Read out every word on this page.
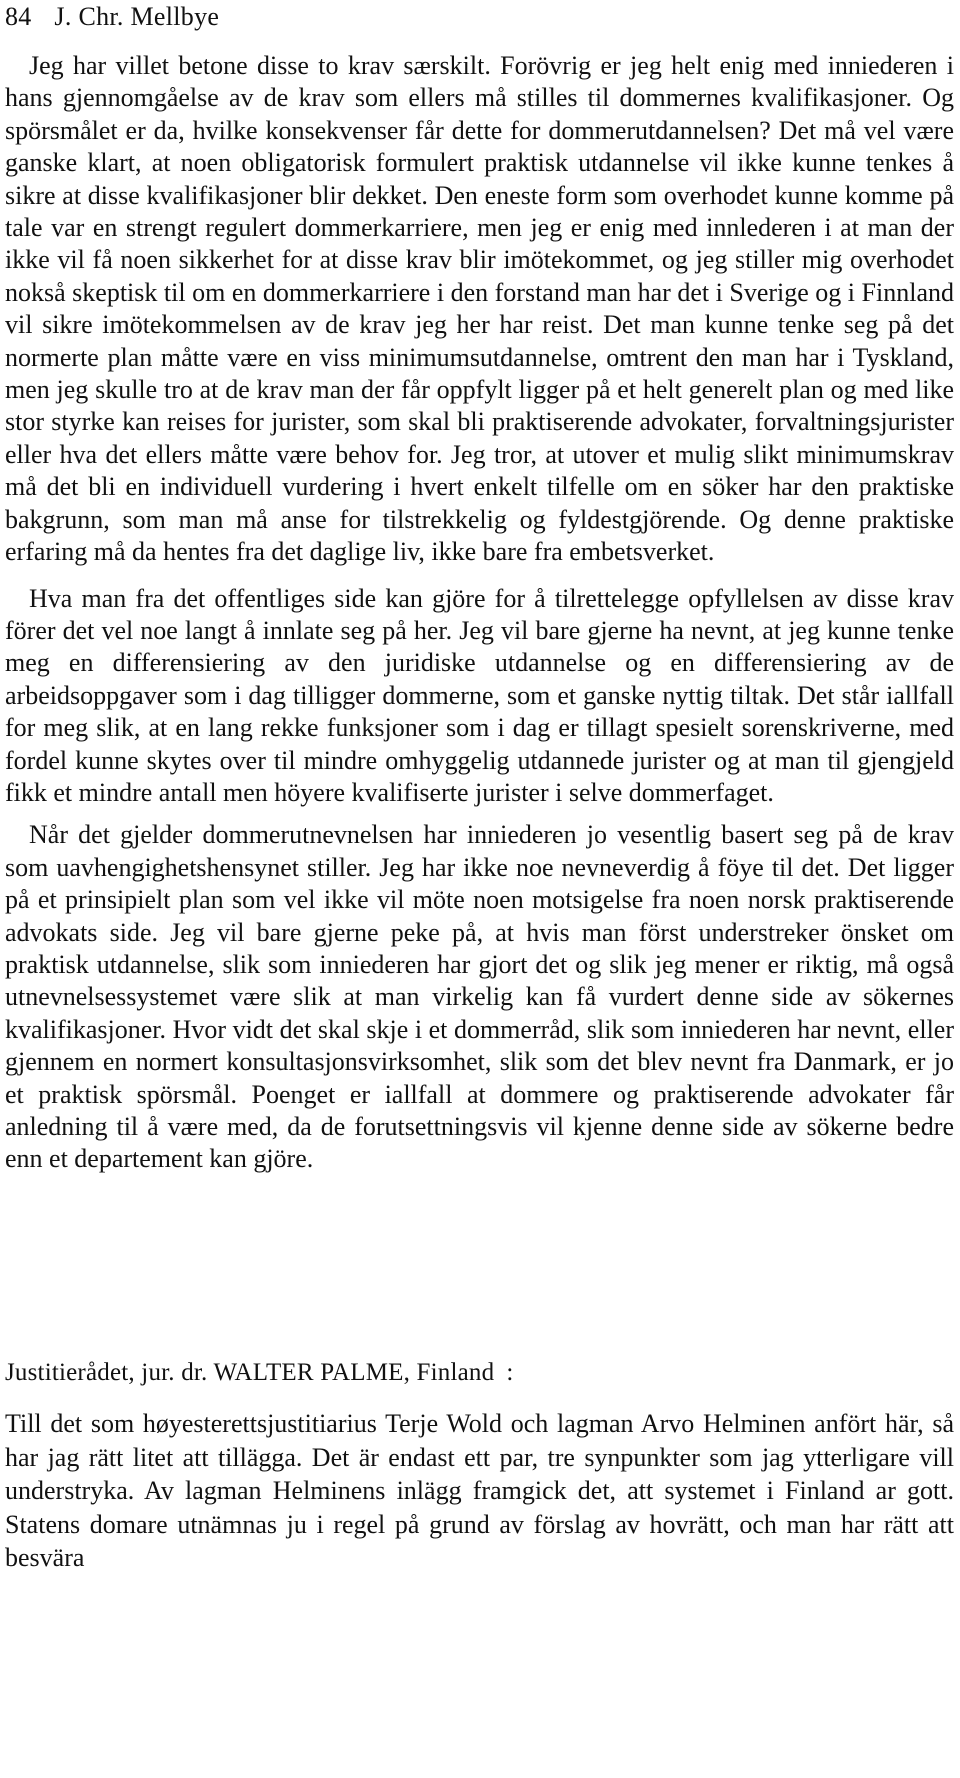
84 J. Chr. Mellbye

Jeg har villet betone disse to krav særskilt. Forövrig er jeg helt enig med inniederen i hans gjennomgåelse av de krav som ellers må stilles til dommernes kvalifikasjoner. Og spörsmålet er da, hvilke konsekvenser får dette for dommerutdannelsen? Det må vel være ganske klart, at noen obligatorisk formulert praktisk utdannelse vil ikke kunne tenkes å sikre at disse kvalifikasjoner blir dekket. Den eneste form som overhodet kunne komme på tale var en strengt regulert dommerkarriere, men jeg er enig med innlederen i at man der ikke vil få noen sikkerhet for at disse krav blir imötekommet, og jeg stiller mig overhodet nokså skeptisk til om en dommerkarriere i den forstand man har det i Sverige og i Finnland vil sikre imötekommelsen av de krav jeg her har reist. Det man kunne tenke seg på det normerte plan måtte være en viss minimumsutdannelse, omtrent den man har i Tyskland, men jeg skulle tro at de krav man der får oppfylt ligger på et helt generelt plan og med like stor styrke kan reises for jurister, som skal bli praktiserende advokater, forvaltningsjurister eller hva det ellers måtte være behov for. Jeg tror, at utover et mulig slikt minimumskrav må det bli en individuell vurdering i hvert enkelt tilfelle om en söker har den praktiske bakgrunn, som man må anse for tilstrekkelig og fyldestgjörende. Og denne praktiske erfaring må da hentes fra det daglige liv, ikke bare fra embetsverket.

Hva man fra det offentliges side kan gjöre for å tilrettelegge opfyllelsen av disse krav förer det vel noe langt å innlate seg på her. Jeg vil bare gjerne ha nevnt, at jeg kunne tenke meg en differensiering av den juridiske utdannelse og en differensiering av de arbeidsoppgaver som i dag tilligger dommerne, som et ganske nyttig tiltak. Det står iallfall for meg slik, at en lang rekke funksjoner som i dag er tillagt spesielt sorenskriverne, med fordel kunne skytes over til mindre omhyggelig utdannede jurister og at man til gjengjeld fikk et mindre antall men höyere kvalifiserte jurister i selve dommerfaget.

Når det gjelder dommerutnevnelsen har inniederen jo vesentlig basert seg på de krav som uavhengighetshensynet stiller. Jeg har ikke noe nevneverdig å föye til det. Det ligger på et prinsipielt plan som vel ikke vil möte noen motsigelse fra noen norsk praktiserende advokats side. Jeg vil bare gjerne peke på, at hvis man först understreker önsket om praktisk utdannelse, slik som inniederen har gjort det og slik jeg mener er riktig, må også utnevnelsessystemet være slik at man virkelig kan få vurdert denne side av sökernes kvalifikasjoner. Hvor vidt det skal skje i et dommerråd, slik som inniederen har nevnt, eller gjennem en normert konsultasjonsvirksomhet, slik som det blev nevnt fra Danmark, er jo et praktisk spörsmål. Poenget er iallfall at dommere og praktiserende advokater får anledning til å være med, da de forutsettningsvis vil kjenne denne side av sökerne bedre enn et departement kan gjöre.

Justitierådet, jur. dr. WALTER PALME, Finland :

Till det som høyesterettsjustitiarius Terje Wold och lagman Arvo Helminen anfört här, så har jag rätt litet att tillägga. Det är endast ett par, tre synpunkter som jag ytterligare vill understryka. Av lagman Helminens inlägg framgick det, att systemet i Finland ar gott. Statens domare utnämnas ju i regel på grund av förslag av hovrätt, och man har rätt att besvära
